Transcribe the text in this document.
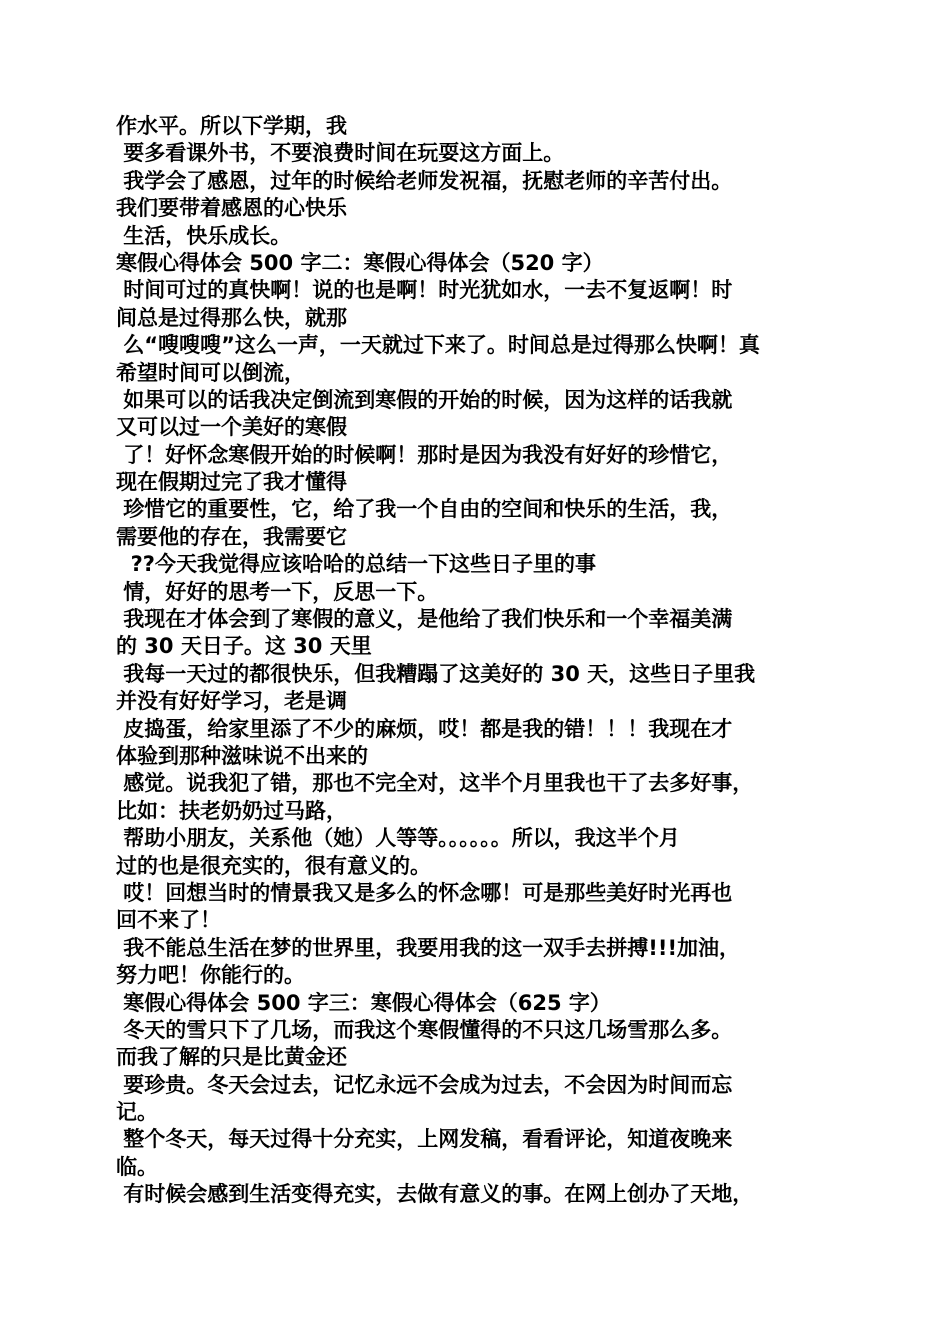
作水平。所以下学期，我
要多看课外书，不要浪费时间在玩耍这方面上。
我学会了感恩，过年的时候给老师发祝福，抚慰老师的辛苦付出。
我们要带着感恩的心快乐
生活，快乐成长。
寒假心得体会 500 字二：寒假心得体会（520 字）
时间可过的真快啊！说的也是啊！时光犹如水，一去不复返啊！时
间总是过得那么快，就那
么“嗖嗖嗖”这么一声，一天就过下来了。时间总是过得那么快啊！真
希望时间可以倒流，
如果可以的话我决定倒流到寒假的开始的时候，因为这样的话我就
又可以过一个美好的寒假
了！好怀念寒假开始的时候啊！那时是因为我没有好好的珍惜它，
现在假期过完了我才懂得
珍惜它的重要性，它，给了我一个自由的空间和快乐的生活，我，
需要他的存在，我需要它
??今天我觉得应该哈哈的总结一下这些日子里的事
情，好好的思考一下，反思一下。
我现在才体会到了寒假的意义，是他给了我们快乐和一个幸福美满
的 30 天日子。这 30 天里
我每一天过的都很快乐，但我糟蹋了这美好的 30 天，这些日子里我
并没有好好学习，老是调
皮捣蛋，给家里添了不少的麻烦，哎！都是我的错！！！我现在才
体验到那种滋味说不出来的
感觉。说我犯了错，那也不完全对，这半个月里我也干了去多好事，
比如：扶老奶奶过马路，
帮助小朋友，关系他（她）人等等。。。。。。所以，我这半个月
过的也是很充实的，很有意义的。
哎！回想当时的情景我又是多么的怀念哪！可是那些美好时光再也
回不来了！
我不能总生活在梦的世界里，我要用我的这一双手去拼搏!!!加油，
努力吧！你能行的。
寒假心得体会 500 字三：寒假心得体会（625 字）
冬天的雪只下了几场，而我这个寒假懂得的不只这几场雪那么多。
而我了解的只是比黄金还
要珍贵。冬天会过去，记忆永远不会成为过去，不会因为时间而忘
记。
整个冬天，每天过得十分充实，上网发稿，看看评论，知道夜晚来
临。
有时候会感到生活变得充实，去做有意义的事。在网上创办了天地，
